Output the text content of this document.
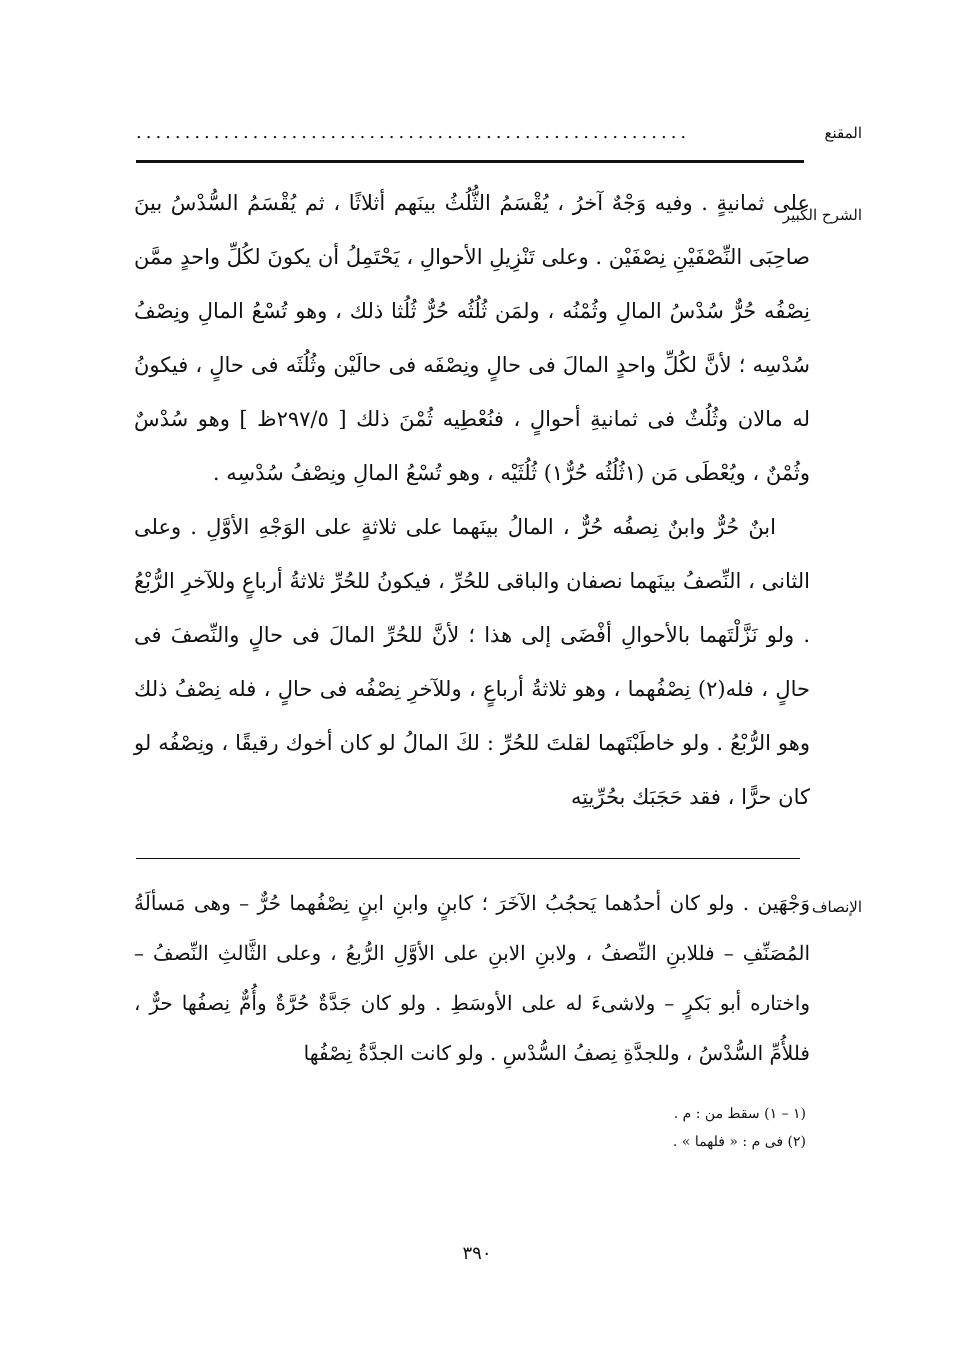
المقنع
.........................................................
الشرح الكبير

على ثمانيةٍ . وفيه وَجْهٌ آخرُ ، يُقْسَمُ الثُّلُثُ بينَهم أثلاثًا ، ثم يُقْسَمُ السُّدْسُ بينَ صاحِبَى النِّصْفَيْنِ نِصْفَيْن . وعلى تَنْزِيلِ الأحوالِ ، يَحْتَمِلُ أن يكونَ لكُلِّ واحدٍ ممَّن نِصْفُه حُرٌّ سُدْسُ المالِ وثُمْنُه ، ولمَن ثُلُثُه حُرٌّ ثُلُثا ذلك ، وهو تُسْعُ المالِ ونِصْفُ سُدْسِه ؛ لأنَّ لكُلِّ واحدٍ المالَ فى حالٍ ونِصْفَه فى حالَيْن وثُلُثَه فى حالٍ ، فيكونُ له مالان وثُلُثٌ فى ثمانيةِ أحوالٍ ، فنُعْطِيه ثُمْنَ ذلك [ ٢٩٧/٥ظ ] وهو سُدْسٌ وثُمْنٌ ، ويُعْطَى مَن (١ثُلُثُه حُرٌّ١) ثُلُثَيْه ، وهو تُسْعُ المالِ ونِصْفُ سُدْسِه .

ابنٌ حُرٌّ وابنٌ نِصفُه حُرٌّ ، المالُ بينَهما على ثلاثةٍ على الوَجْهِ الأوَّلِ . وعلى الثانى ، النِّصفُ بينَهما نصفان والباقى للحُرِّ ، فيكونُ للحُرِّ ثلاثةُ أرباعٍ وللآخرِ الرُّبْعُ . ولو نَزَّلْتَهما بالأحوالِ أفْضَى إلى هذا ؛ لأنَّ للحُرِّ المالَ فى حالٍ والنِّصفَ فى حالٍ ، فله(٢) نِصْفُهما ، وهو ثلاثةُ أرباعٍ ، وللآخرِ نِصْفُه فى حالٍ ، فله نِصْفُ ذلك وهو الرُّبْعُ . ولو خاطَبْتَهما لقلتَ للحُرِّ : لكَ المالُ لو كان أخوك رقيقًا ، ونِصْفُه لو كان حرًّا ، فقد حَجَبَك بحُرِّيتِه

الإنصاف
وَجْهَين . ولو كان أحدُهما يَحجُبُ الآخَرَ ؛ كابنٍ وابنِ ابنٍ نِصْفُهما حُرٌّ – وهى مَسألَةُ المُصَنِّفِ – فللابنِ النِّصفُ ، ولابنِ الابنِ على الأوَّلِ الرُّبعُ ، وعلى الثَّالثِ النِّصفُ – واختاره أبو بَكرٍ – ولاشىءَ له على الأوسَطِ . ولو كان جَدَّةٌ حُرَّةٌ وأُمٌّ نِصفُها حرٌّ ، فللأُمِّ السُّدْسُ ، وللجدَّةِ نِصفُ السُّدْسِ . ولو كانت الجدَّةُ نِصْفُها
(١ – ١) سقط من : م .
(٢) فى م : « فلهما » .
٣٩٠
